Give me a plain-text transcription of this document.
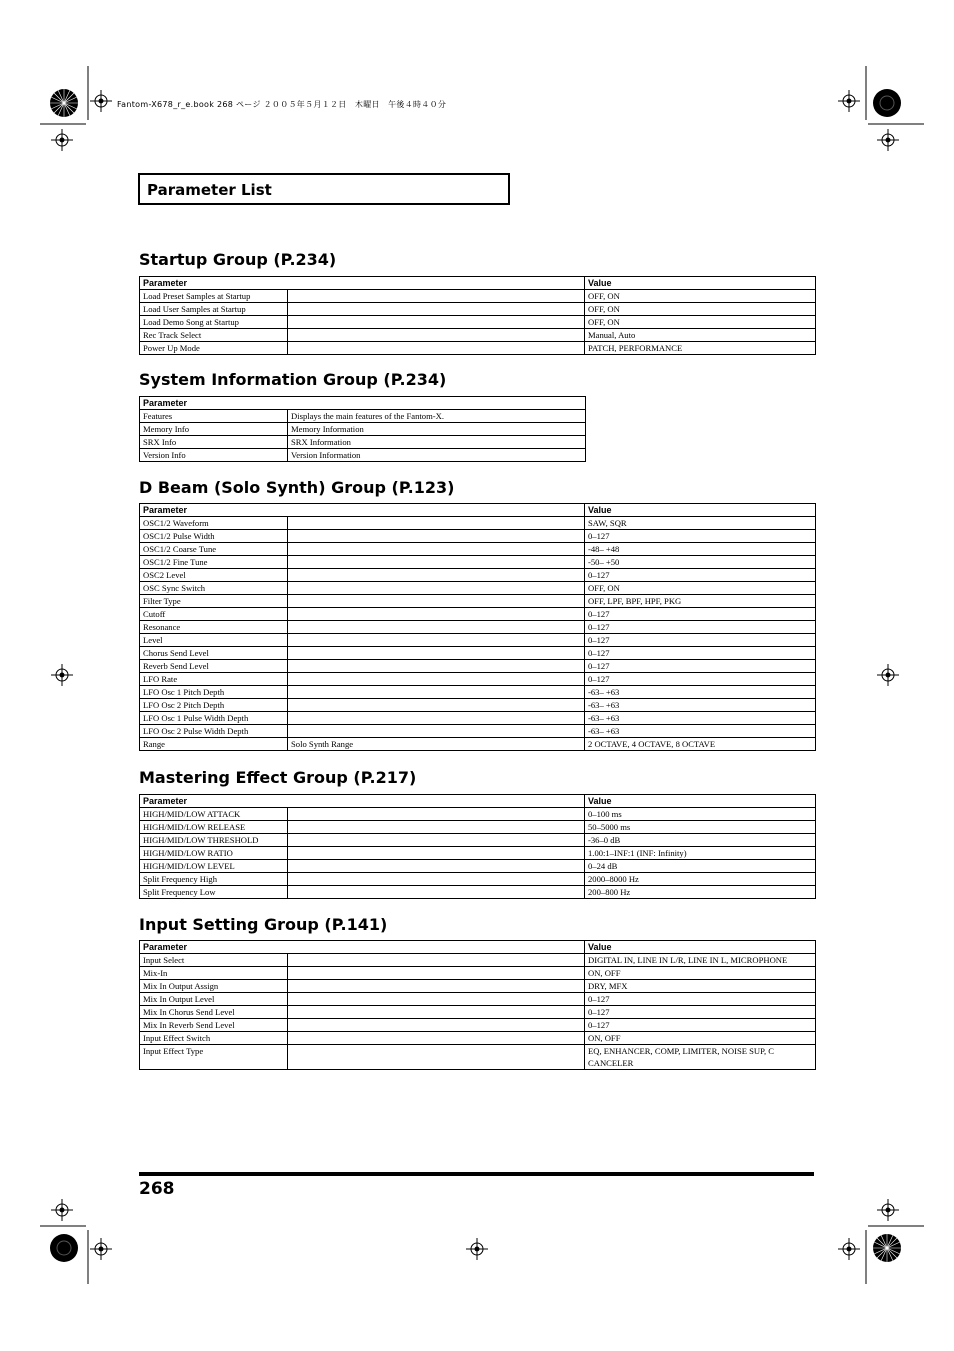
Fantom-X678_r_e.book 268 ページ ２００５年５月１２日　木曜日　午後４時４０分
Parameter List
Startup Group (P.234)
Parameter		Value
Load Preset Samples at Startup		OFF, ON
Load User Samples at Startup		OFF, ON
Load Demo Song at Startup		OFF, ON
Rec Track Select		Manual, Auto
Power Up Mode		PATCH, PERFORMANCE
System Information Group (P.234)
Parameter	
Features	Displays the main features of the Fantom-X.
Memory Info	Memory Information
SRX Info	SRX Information
Version Info	Version Information
D Beam (Solo Synth) Group (P.123)
Parameter		Value
OSC1/2 Waveform		SAW, SQR
OSC1/2 Pulse Width		0–127
OSC1/2 Coarse Tune		-48– +48
OSC1/2 Fine Tune		-50– +50
OSC2 Level		0–127
OSC Sync Switch		OFF, ON
Filter Type		OFF, LPF, BPF, HPF, PKG
Cutoff		0–127
Resonance		0–127
Level		0–127
Chorus Send Level		0–127
Reverb Send Level		0–127
LFO Rate		0–127
LFO Osc 1 Pitch Depth		-63– +63
LFO Osc 2 Pitch Depth		-63– +63
LFO Osc 1 Pulse Width Depth		-63– +63
LFO Osc 2 Pulse Width Depth		-63– +63
Range	Solo Synth Range	2 OCTAVE, 4 OCTAVE, 8 OCTAVE
Mastering Effect Group (P.217)
Parameter		Value
HIGH/MID/LOW ATTACK		0–100 ms
HIGH/MID/LOW RELEASE		50–5000 ms
HIGH/MID/LOW THRESHOLD		-36–0 dB
HIGH/MID/LOW RATIO		1.00:1–INF:1 (INF: Infinity)
HIGH/MID/LOW LEVEL		0–24 dB
Split Frequency High		2000–8000 Hz
Split Frequency Low		200–800 Hz
Input Setting Group (P.141)
Parameter		Value
Input Select		DIGITAL IN, LINE IN L/R, LINE IN L, MICROPHONE
Mix-In		ON, OFF
Mix In Output Assign		DRY, MFX
Mix In Output Level		0–127
Mix In Chorus Send Level		0–127
Mix In Reverb Send Level		0–127
Input Effect Switch		ON, OFF
Input Effect Type		EQ, ENHANCER, COMP, LIMITER, NOISE SUP, C CANCELER
268
